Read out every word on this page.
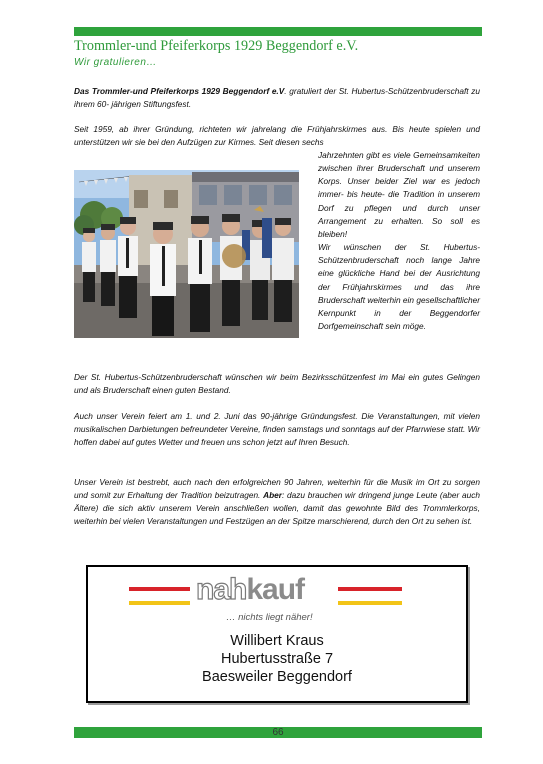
Trommler-und Pfeiferkorps 1929 Beggendorf e.V.
Wir gratulieren…

Das Trommler-und Pfeiferkorps 1929 Beggendorf e.V. gratuliert der St. Hubertus-Schützenbruderschaft zu ihrem 60- jährigen Stiftungsfest.

Seit 1959, ab ihrer Gründung, richteten wir jahrelang die Frühjahrskirmes aus. Bis heute spielen und unterstützen wir sie bei den Aufzügen zur Kirmes. Seit diesen sechs

Jahrzehnten gibt es viele Gemeinsamkeiten zwischen ihrer Bruderschaft und unserem Korps. Unser beider Ziel war es jedoch immer- bis heute- die Tradition in unserem Dorf zu pflegen und durch unser Arrangement zu erhalten. So soll es bleiben!
Wir wünschen der St. Hubertus-Schützenbruderschaft noch lange Jahre eine glückliche Hand bei der Ausrichtung der Frühjahrskirmes und das ihre Bruderschaft weiterhin ein gesellschaftlicher Kernpunkt in der Beggendorfer Dorfgemeinschaft sein möge.

Der St. Hubertus-Schützenbruderschaft wünschen wir beim Bezirksschützenfest im Mai ein gutes Gelingen und als Bruderschaft einen guten Bestand.

Auch unser Verein feiert am 1. und 2. Juni das 90-jährige Gründungsfest. Die Veranstaltungen, mit vielen musikalischen Darbietungen befreundeter Vereine, finden samstags und sonntags auf der Pfarrwiese statt. Wir hoffen dabei auf gutes Wetter und freuen uns schon jetzt auf Ihren Besuch.

Unser Verein ist bestrebt, auch nach den erfolgreichen 90 Jahren, weiterhin für die Musik im Ort zu sorgen und somit zur Erhaltung der Tradition beizutragen. Aber: dazu brauchen wir dringend junge Leute (aber auch Ältere) die sich aktiv unserem Verein anschließen wollen, damit das gewohnte Bild des Trommlerkorps, weiterhin bei vielen Veranstaltungen und Festzügen an der Spitze marschierend, durch den Ort zu sehen ist.

nahkauf
… nichts liegt näher!
Willibert Kraus
Hubertusstraße 7
Baesweiler Beggendorf
66
